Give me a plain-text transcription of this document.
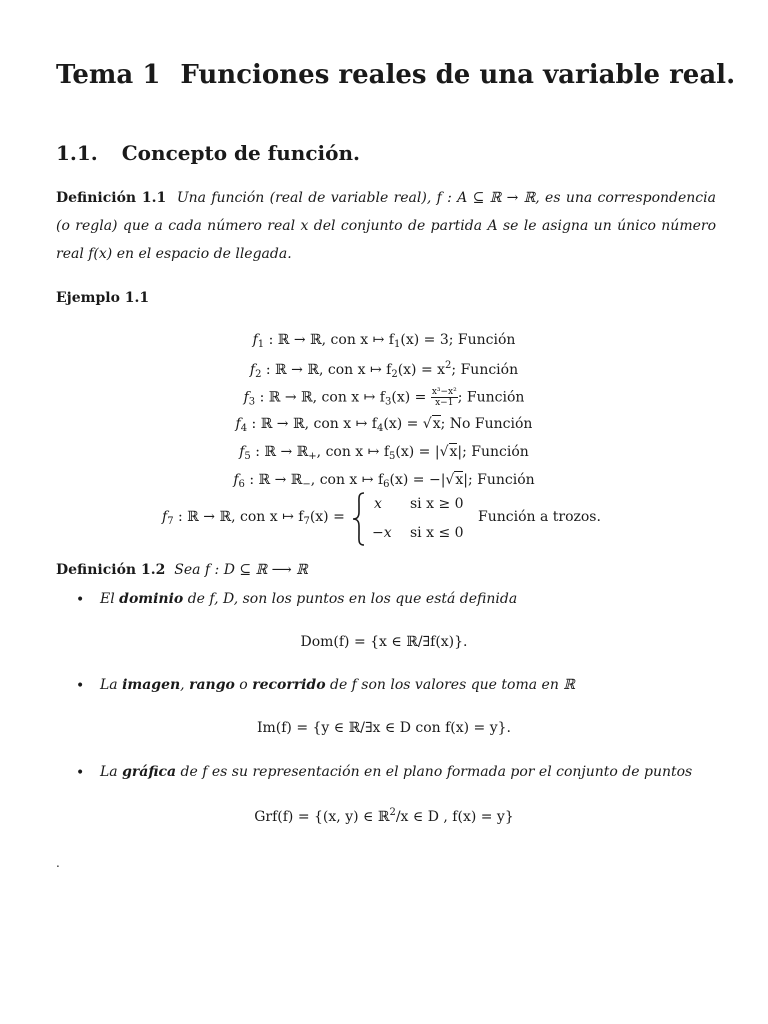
Tema 1 Funciones reales de una variable real.
1.1. Concepto de función.
Definición 1.1 Una función (real de variable real), f : A ⊆ ℝ → ℝ, es una correspondencia (o regla) que a cada número real x del conjunto de partida A se le asigna un único número real f(x) en el espacio de llegada.
Ejemplo 1.1
$f_1$ : ℝ → ℝ, con x ↦ $f_1(x) = 3$; Función
$f_2$ : ℝ → ℝ, con x ↦ $f_2(x) = x^2$; Función
$f_3$ : ℝ → ℝ, con x ↦ $f_3(x) = \frac{\text{x³−x²}}{x-1}$ ; Función
$f_4$ : ℝ → ℝ, con x ↦ $f_4(x) = √x$; No Función
$f_5$ : ℝ → ℝ$_+$, con x ↦ $f_5(x) = |√x|$; Función
$f_6$ : ℝ → ℝ$_-$, con x ↦ $f_6(x) = -|√x|$; Función
$f_7$ : ℝ → ℝ, con x ↦ $f_7(x)$ =
x si x ≥ 0
−x si x ≤ 0
Función a trozos.
Definición 1.2 Sea f : D ⊆ ℝ ⟶ ℝ
• El dominio de f, D, son los puntos en los que está definida
Dom(f) = {x ∈ ℝ/∃f(x)}.
• La imagen, rango o recorrido de f son los valores que toma en ℝ
Im(f) = {y ∈ ℝ/∃x ∈ D con f(x) = y}.
• La gráfica de f es su representación en el plano formada por el conjunto de puntos
Grf(f) = {(x, y) ∈ ℝ$^2$/x ∈ D , f(x) = y}
.
